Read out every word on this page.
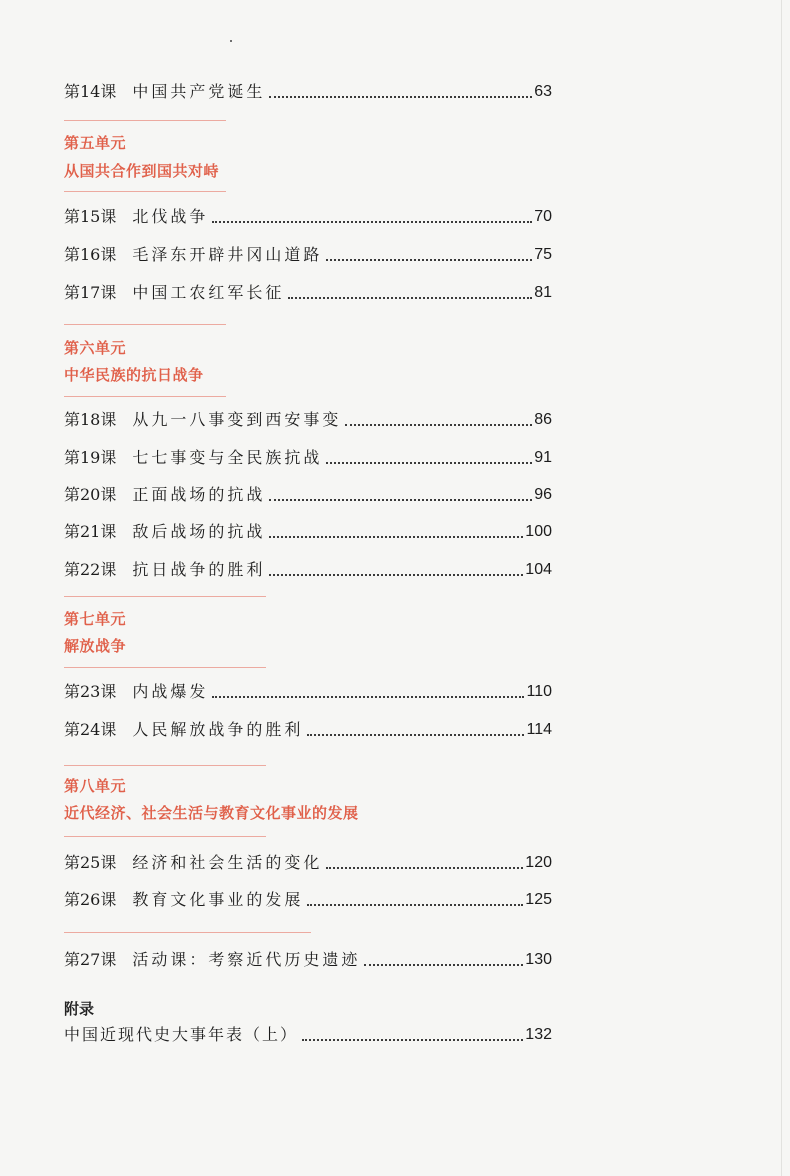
第14课 中国共产党诞生	63
第五单元
从国共合作到国共对峙
第15课 北伐战争	70
第16课 毛泽东开辟井冈山道路	75
第17课 中国工农红军长征	81
第六单元
中华民族的抗日战争
第18课 从九一八事变到西安事变	86
第19课 七七事变与全民族抗战	91
第20课 正面战场的抗战	96
第21课 敌后战场的抗战	100
第22课 抗日战争的胜利	104
第七单元
解放战争
第23课 内战爆发	110
第24课 人民解放战争的胜利	114
第八单元
近代经济、社会生活与教育文化事业的发展
第25课 经济和社会生活的变化	120
第26课 教育文化事业的发展	125
第27课 活动课：考察近代历史遗迹	130
附录
中国近现代史大事年表（上）	132
